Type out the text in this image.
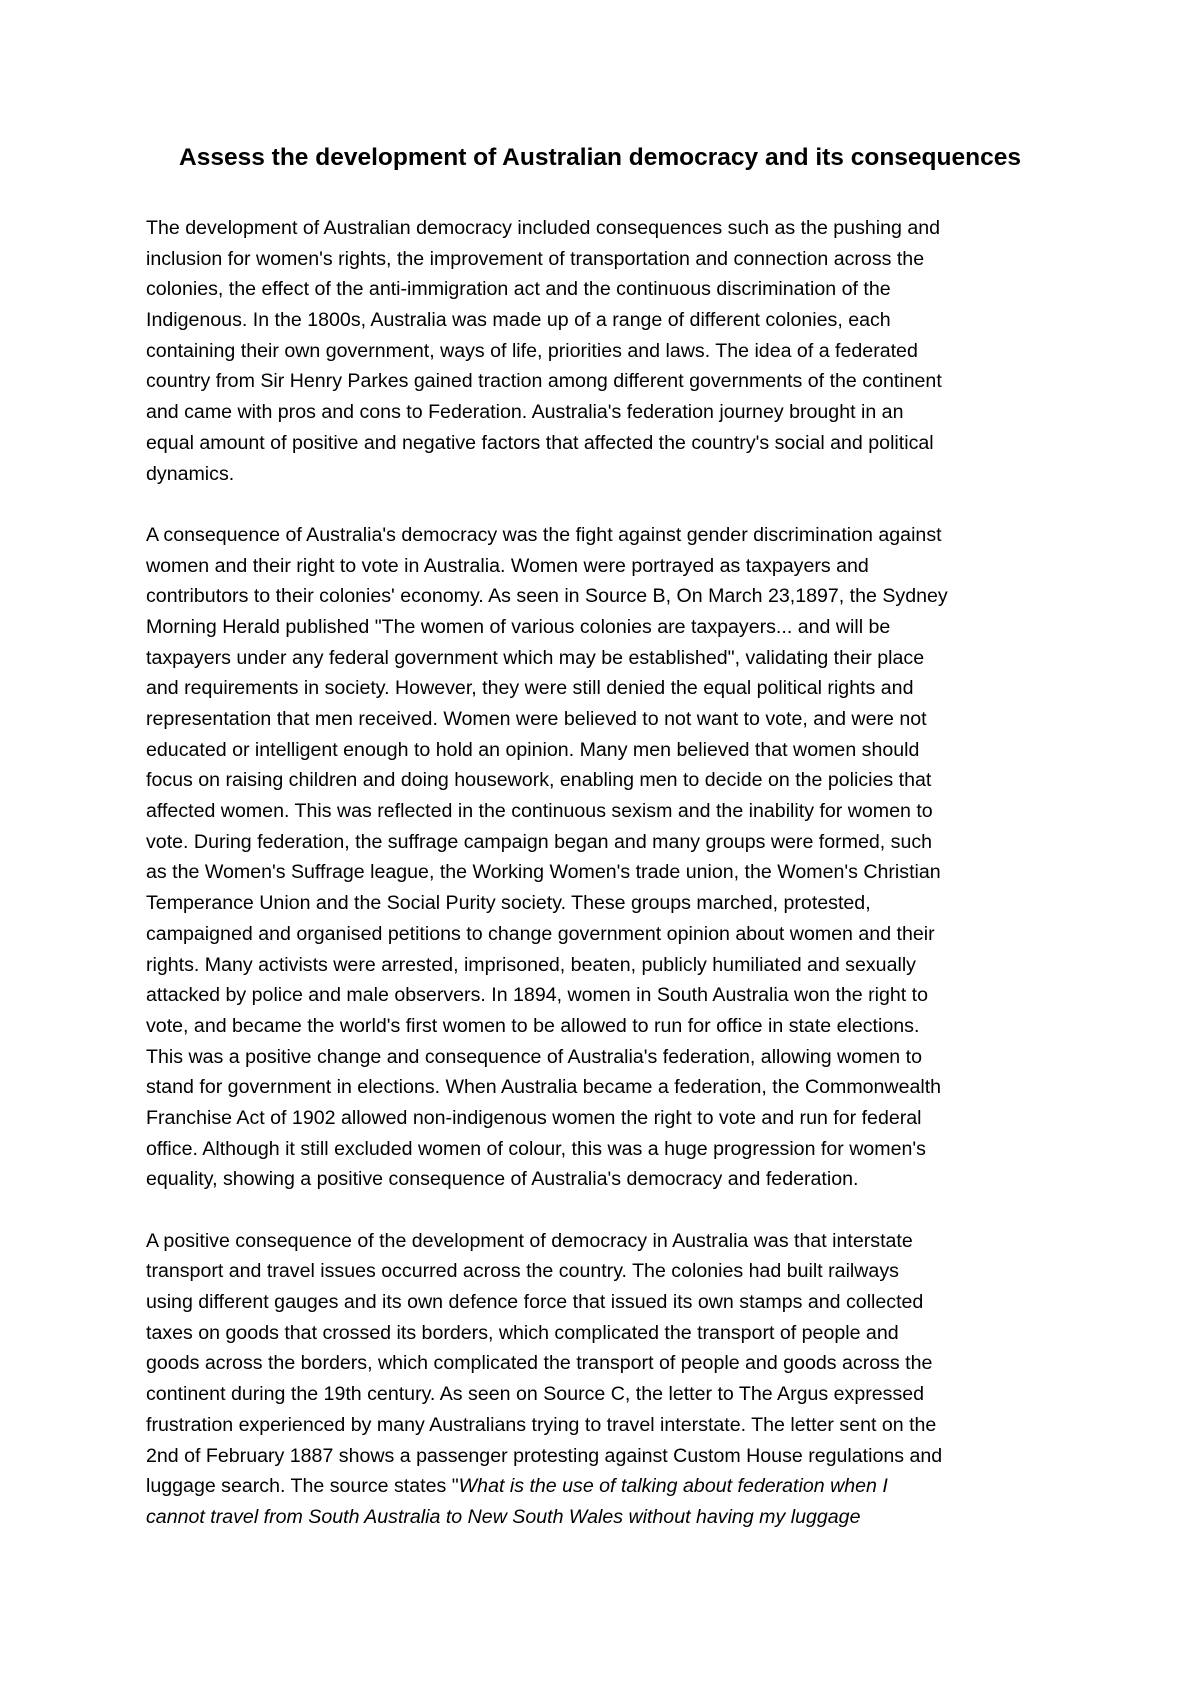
Assess the development of Australian democracy and its consequences
The development of Australian democracy included consequences such as the pushing and
inclusion for women's rights, the improvement of transportation and connection across the
colonies, the effect of the anti-immigration act and the continuous discrimination of the
Indigenous. In the 1800s, Australia was made up of a range of different colonies, each
containing their own government, ways of life, priorities and laws. The idea of a federated
country from Sir Henry Parkes gained traction among different governments of the continent
and came with pros and cons to Federation. Australia's federation journey brought in an
equal amount of positive and negative factors that affected the country's social and political
dynamics.
A consequence of Australia's democracy was the fight against gender discrimination against
women and their right to vote in Australia. Women were portrayed as taxpayers and
contributors to their colonies' economy. As seen in Source B, On March 23,1897, the Sydney
Morning Herald published "The women of various colonies are taxpayers... and will be
taxpayers under any federal government which may be established", validating their place
and requirements in society. However, they were still denied the equal political rights and
representation that men received. Women were believed to not want to vote, and were not
educated or intelligent enough to hold an opinion. Many men believed that women should
focus on raising children and doing housework, enabling men to decide on the policies that
affected women. This was reflected in the continuous sexism and the inability for women to
vote. During federation, the suffrage campaign began and many groups were formed, such
as the Women's Suffrage league, the Working Women's trade union, the Women's Christian
Temperance Union and the Social Purity society. These groups marched, protested,
campaigned and organised petitions to change government opinion about women and their
rights. Many activists were arrested, imprisoned, beaten, publicly humiliated and sexually
attacked by police and male observers. In 1894, women in South Australia won the right to
vote, and became the world's first women to be allowed to run for office in state elections.
This was a positive change and consequence of Australia's federation, allowing women to
stand for government in elections. When Australia became a federation, the Commonwealth
Franchise Act of 1902 allowed non-indigenous women the right to vote and run for federal
office. Although it still excluded women of colour, this was a huge progression for women's
equality, showing a positive consequence of Australia's democracy and federation.
A positive consequence of the development of democracy in Australia was that interstate
transport and travel issues occurred across the country. The colonies had built railways
using different gauges and its own defence force that issued its own stamps and collected
taxes on goods that crossed its borders, which complicated the transport of people and
goods across the borders, which complicated the transport of people and goods across the
continent during the 19th century. As seen on Source C, the letter to The Argus expressed
frustration experienced by many Australians trying to travel interstate. The letter sent on the
2nd of February 1887 shows a passenger protesting against Custom House regulations and
luggage search. The source states "What is the use of talking about federation when I
cannot travel from South Australia to New South Wales without having my luggage
